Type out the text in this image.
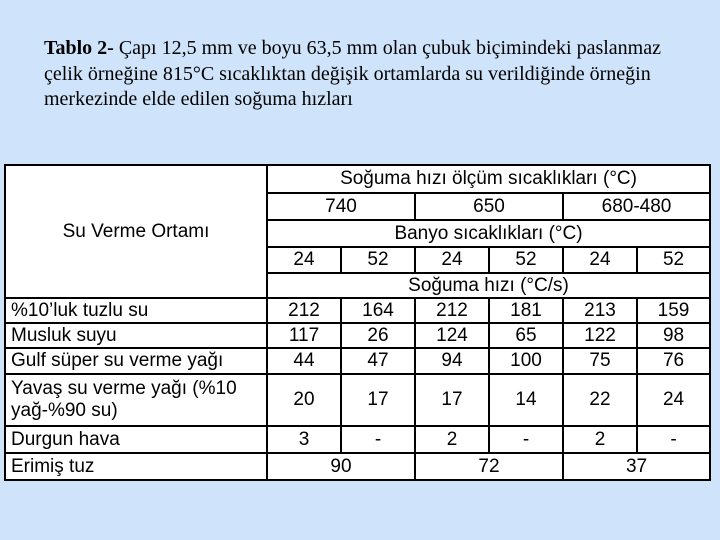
Tablo 2- Çapı 12,5 mm ve boyu 63,5 mm olan çubuk biçimindeki paslanmaz çelik örneğine 815°C sıcaklıktan değişik ortamlarda su verildiğinde örneğin merkezinde elde edilen soğuma hızları

Su Verme Ortamı	Soğuma hızı ölçüm sıcaklıkları (°C)					
	740		650		680-480	
	Banyo sıcaklıkları (°C)					
	24	52	24	52	24	52
	Soğuma hızı (°C/s)					
%10’luk tuzlu su	212	164	212	181	213	159
Musluk suyu	117	26	124	65	122	98
Gulf süper su verme yağı	44	47	94	100	75	76
Yavaş su verme yağı (%10 yağ-%90 su)	20	17	17	14	22	24
Durgun hava	3	-	2	-	2	-
Erimiş tuz	90		72		37	
